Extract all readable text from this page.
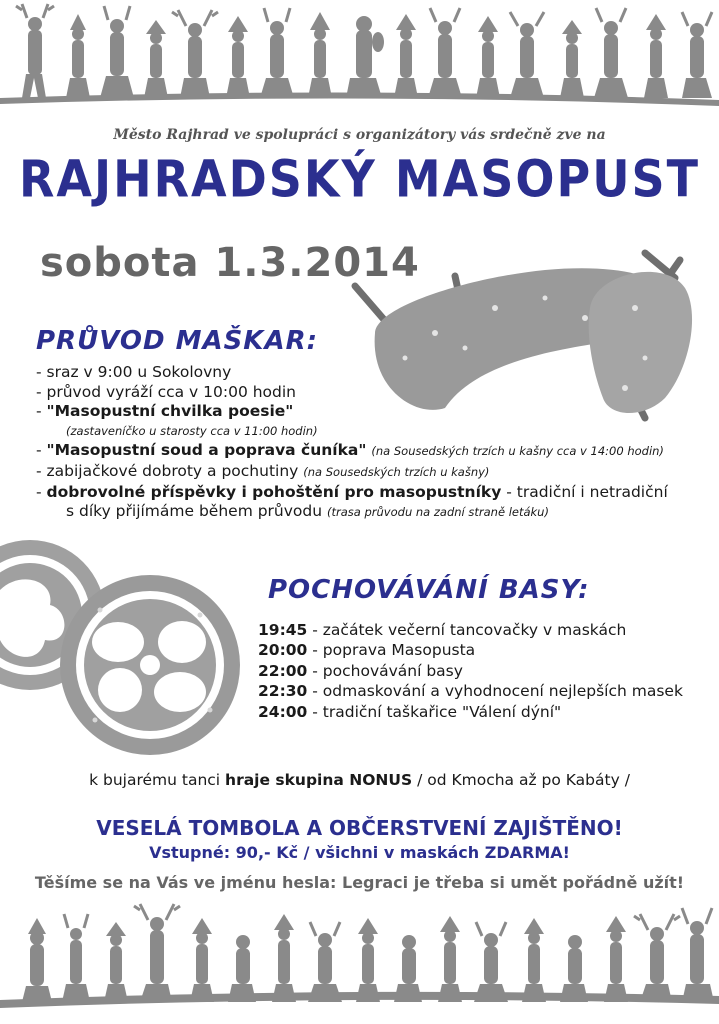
Město Rajhrad ve spolupráci s organizátory vás srdečně zve na
RAJHRADSKÝ MASOPUST
sobota 1.3.2014
PRŮVOD MAŠKAR:
- sraz v 9:00 u Sokolovny
- průvod vyráží cca v 10:00 hodin
- "Masopustní chvilka poesie"
(zastaveníčko u starosty cca v 11:00 hodin)
- "Masopustní soud a poprava čuníka" (na Sousedských trzích u kašny cca v 14:00 hodin)
- zabijačkové dobroty a pochutiny (na Sousedských trzích u kašny)
- dobrovolné příspěvky i pohoštění pro masopustníky - tradiční i netradiční
s díky přijímáme během průvodu (trasa průvodu na zadní straně letáku)
POCHOVÁVÁNÍ BASY:
19:45 - začátek večerní tancovačky v maskách
20:00 - poprava Masopusta
22:00 - pochovávání basy
22:30 - odmaskování a vyhodnocení nejlepších masek
24:00 - tradiční taškařice "Válení dýní"
k bujarému tanci hraje skupina NONUS / od Kmocha až po Kabáty /
VESELÁ TOMBOLA A OBČERSTVENÍ ZAJIŠTĚNO!
Vstupné: 90,- Kč / všichni v maskách ZDARMA!
Těšíme se na Vás ve jménu hesla: Legraci je třeba si umět pořádně užít!
